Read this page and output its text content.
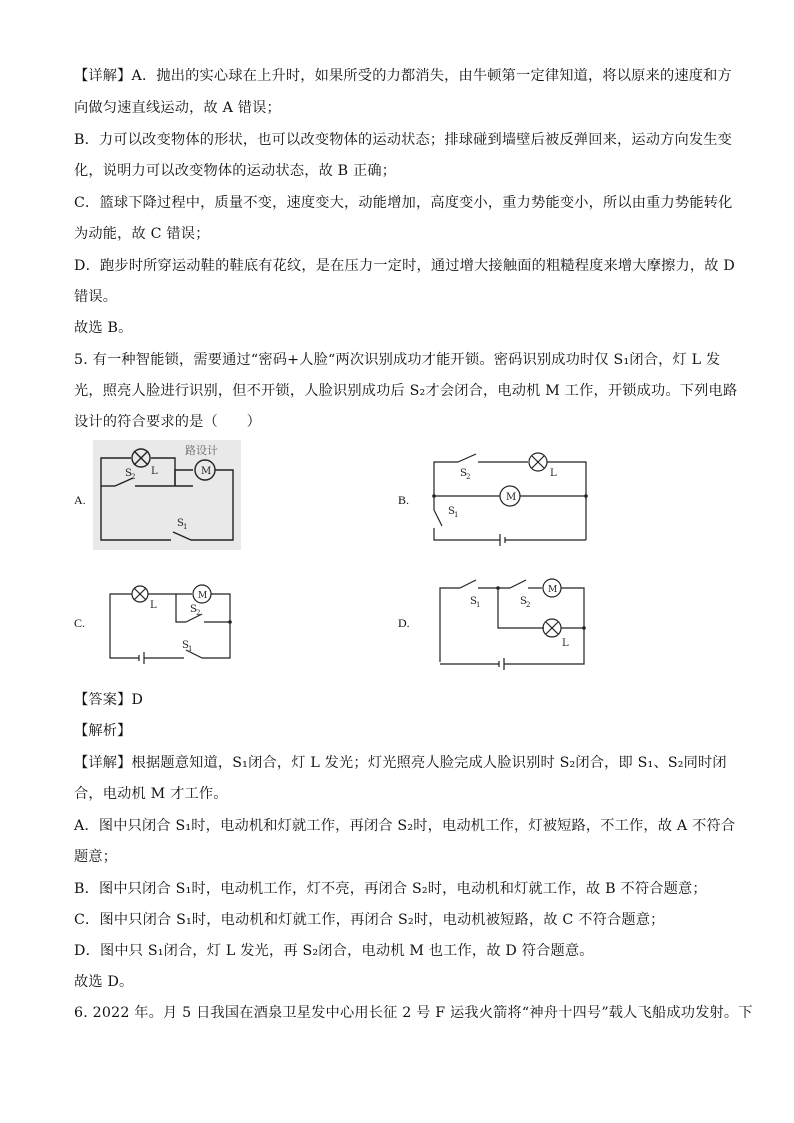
【详解】A．抛出的实心球在上升时，如果所受的力都消失，由牛顿第一定律知道，将以原来的速度和方
向做匀速直线运动，故 A 错误；
B．力可以改变物体的形状，也可以改变物体的运动状态；排球碰到墙壁后被反弹回来，运动方向发生变
化，说明力可以改变物体的运动状态，故 B 正确；
C．篮球下降过程中，质量不变，速度变大，动能增加，高度变小，重力势能变小，所以由重力势能转化
为动能，故 C 错误；
D．跑步时所穿运动鞋的鞋底有花纹，是在压力一定时，通过增大接触面的粗糙程度来增大摩擦力，故 D
错误。
故选 B。
5. 有一种智能锁，需要通过“密码+人脸“两次识别成功才能开锁。密码识别成功时仅 S₁闭合，灯 L 发
光，照亮人脸进行识别，但不开锁，人脸识别成功后 S₂才会闭合，电动机 M 工作，开锁成功。下列电路
设计的符合要求的是（　　）
A.	B.
C.	D.
路设计
M
L
S 2
S 1
M
L
S 2
S 1
M
L	S 2
S 1
M
L
S 1	S 2
【答案】D
【解析】
【详解】根据题意知道，S₁闭合，灯 L 发光；灯光照亮人脸完成人脸识别时 S₂闭合，即 S₁、S₂同时闭
合，电动机 M 才工作。
A．图中只闭合 S₁时，电动机和灯就工作，再闭合 S₂时，电动机工作，灯被短路，不工作，故 A 不符合
题意；
B．图中只闭合 S₁时，电动机工作，灯不亮，再闭合 S₂时，电动机和灯就工作，故 B 不符合题意；
C．图中只闭合 S₁时，电动机和灯就工作，再闭合 S₂时，电动机被短路，故 C 不符合题意；
D．图中只 S₁闭合，灯 L 发光，再 S₂闭合，电动机 M 也工作，故 D 符合题意。
故选 D。
6. 2022 年。月 5 日我国在酒泉卫星发中心用长征 2 号 F 运我火箭将“神舟十四号”载人飞船成功发射。下
